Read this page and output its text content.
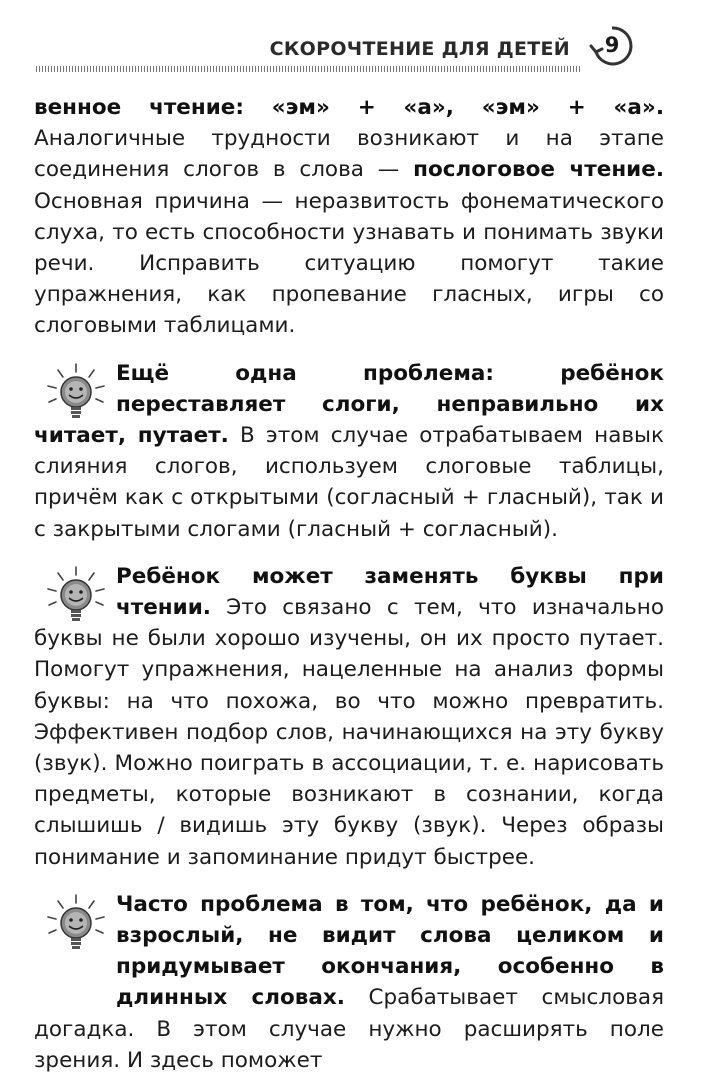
СКОРОЧТЕНИЕ ДЛЯ ДЕТЕЙ	9

венное чтение: «эм» + «а», «эм» + «а». Аналогичные трудности возникают и на этапе соединения слогов в слова — послоговое чтение. Основная причина — неразвитость фонематического слуха, то есть способности узнавать и понимать звуки речи. Исправить ситуацию помогут такие упражнения, как пропевание гласных, игры со слоговыми таблицами.

Ещё одна проблема: ребёнок переставляет слоги, неправильно их читает, путает. В этом случае отрабатываем навык слияния слогов, используем слоговые таблицы, причём как с открытыми (согласный + гласный), так и с закрытыми слогами (гласный + согласный).

Ребёнок может заменять буквы при чтении. Это связано с тем, что изначально буквы не были хорошо изучены, он их просто путает. Помогут упражнения, нацеленные на анализ формы буквы: на что похожа, во что можно превратить. Эффективен подбор слов, начинающихся на эту букву (звук). Можно поиграть в ассоциации, т. е. нарисовать предметы, которые возникают в сознании, когда слышишь / видишь эту букву (звук). Через образы понимание и запоминание придут быстрее.

Часто проблема в том, что ребёнок, да и взрослый, не видит слова целиком и придумывает окончания, особенно в длинных словах. Срабатывает смысловая догадка. В этом случае нужно расширять поле зрения. И здесь поможет
